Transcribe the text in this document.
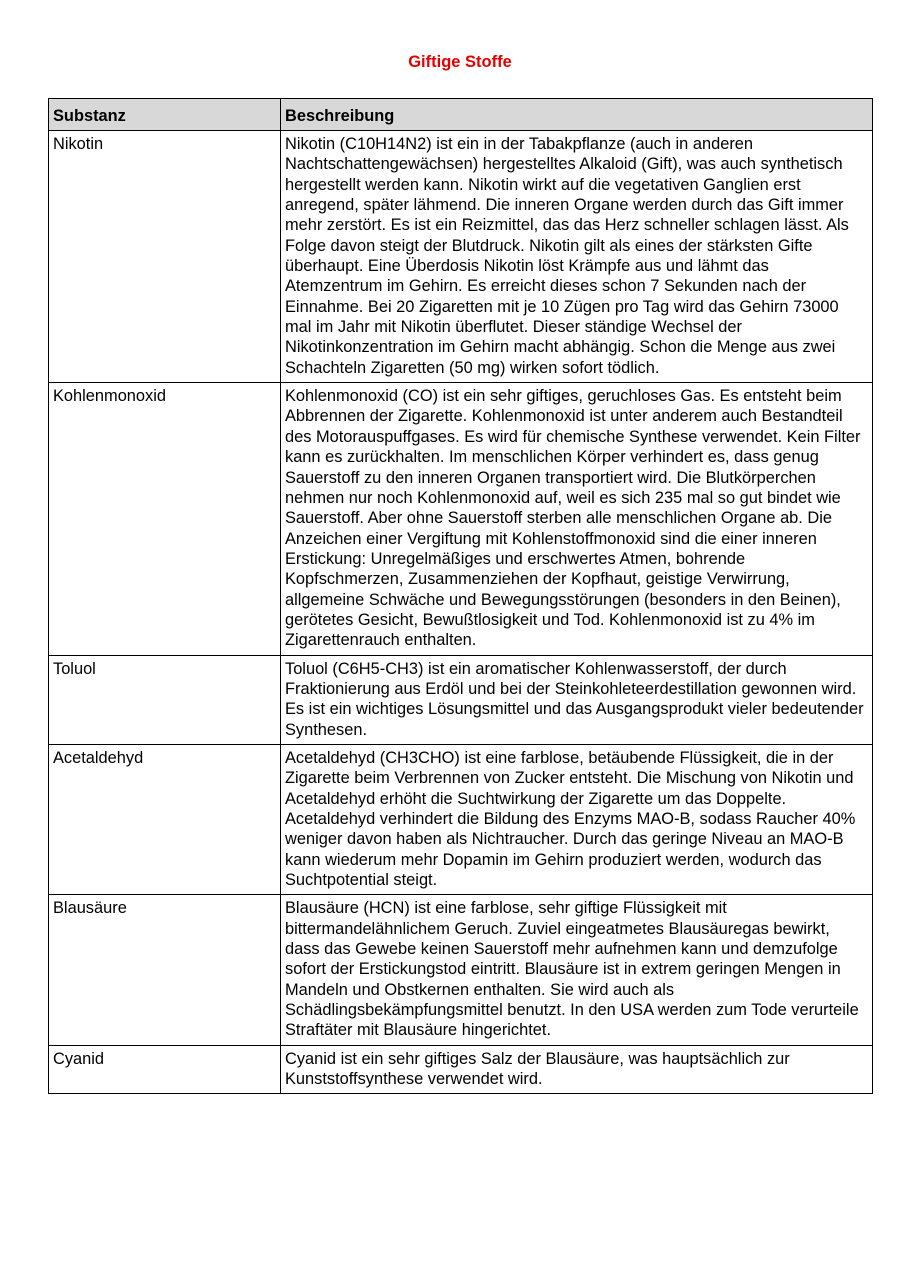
Giftige Stoffe
Substanz	Beschreibung
Nikotin	Nikotin (C10H14N2) ist ein in der Tabakpflanze (auch in anderen Nachtschattengewächsen) hergestelltes Alkaloid (Gift), was auch synthetisch hergestellt werden kann. Nikotin wirkt auf die vegetativen Ganglien erst anregend, später lähmend. Die inneren Organe werden durch das Gift immer mehr zerstört. Es ist ein Reizmittel, das das Herz schneller schlagen lässt. Als Folge davon steigt der Blutdruck. Nikotin gilt als eines der stärksten Gifte überhaupt. Eine Überdosis Nikotin löst Krämpfe aus und lähmt das Atemzentrum im Gehirn. Es erreicht dieses schon 7 Sekunden nach der Einnahme. Bei 20 Zigaretten mit je 10 Zügen pro Tag wird das Gehirn 73000 mal im Jahr mit Nikotin überflutet. Dieser ständige Wechsel der Nikotinkonzentration im Gehirn macht abhängig. Schon die Menge aus zwei Schachteln Zigaretten (50 mg) wirken sofort tödlich.
Kohlenmonoxid	Kohlenmonoxid (CO) ist ein sehr giftiges, geruchloses Gas. Es entsteht beim Abbrennen der Zigarette. Kohlenmonoxid ist unter anderem auch Bestandteil des Motorauspuffgases. Es wird für chemische Synthese verwendet. Kein Filter kann es zurückhalten. Im menschlichen Körper verhindert es, dass genug Sauerstoff zu den inneren Organen transportiert wird. Die Blutkörperchen nehmen nur noch Kohlenmonoxid auf, weil es sich 235 mal so gut bindet wie Sauerstoff. Aber ohne Sauerstoff sterben alle menschlichen Organe ab. Die Anzeichen einer Vergiftung mit Kohlenstoffmonoxid sind die einer inneren Erstickung: Unregelmäßiges und erschwertes Atmen, bohrende Kopfschmerzen, Zusammenziehen der Kopfhaut, geistige Verwirrung, allgemeine Schwäche und Bewegungsstörungen (besonders in den Beinen), gerötetes Gesicht, Bewußtlosigkeit und Tod. Kohlenmonoxid ist zu 4% im Zigarettenrauch enthalten.
Toluol	Toluol (C6H5-CH3) ist ein aromatischer Kohlenwasserstoff, der durch Fraktionierung aus Erdöl und bei der Steinkohleteerdestillation gewonnen wird. Es ist ein wichtiges Lösungsmittel und das Ausgangsprodukt vieler bedeutender Synthesen.
Acetaldehyd	Acetaldehyd (CH3CHO) ist eine farblose, betäubende Flüssigkeit, die in der Zigarette beim Verbrennen von Zucker entsteht. Die Mischung von Nikotin und Acetaldehyd erhöht die Suchtwirkung der Zigarette um das Doppelte. Acetaldehyd verhindert die Bildung des Enzyms MAO-B, sodass Raucher 40% weniger davon haben als Nichtraucher. Durch das geringe Niveau an MAO-B kann wiederum mehr Dopamin im Gehirn produziert werden, wodurch das Suchtpotential steigt.
Blausäure	Blausäure (HCN) ist eine farblose, sehr giftige Flüssigkeit mit bittermandelähnlichem Geruch. Zuviel eingeatmetes Blausäuregas bewirkt, dass das Gewebe keinen Sauerstoff mehr aufnehmen kann und demzufolge sofort der Erstickungstod eintritt. Blausäure ist in extrem geringen Mengen in Mandeln und Obstkernen enthalten. Sie wird auch als Schädlingsbekämpfungsmittel benutzt. In den USA werden zum Tode verurteile Straftäter mit Blausäure hingerichtet.
Cyanid	Cyanid ist ein sehr giftiges Salz der Blausäure, was hauptsächlich zur Kunststoffsynthese verwendet wird.
